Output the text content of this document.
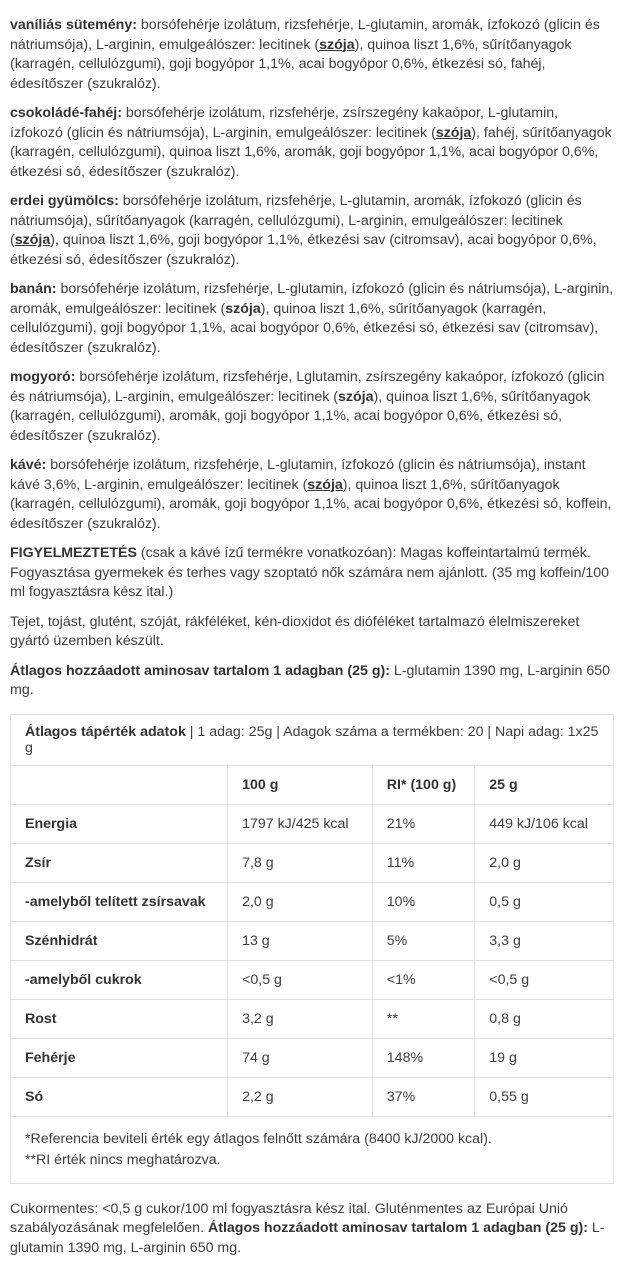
vaníliás sütemény: borsófehérje izolátum, rizsfehérje, L-glutamin, aromák, ízfokozó (glicin és nátriumsója), L-arginin, emulgeálószer: lecitinek (szója), quinoa liszt 1,6%, sűrítőanyagok (karragén, cellulózgumi), goji bogyópor 1,1%, acai bogyópor 0,6%, étkezési só, fahéj, édesítőszer (szukralóz).

csokoládé-fahéj: borsófehérje izolátum, rizsfehérje, zsírszegény kakaópor, L-glutamin, ízfokozó (glicin és nátriumsója), L-arginin, emulgeálószer: lecitinek (szója), fahéj, sűrítőanyagok (karragén, cellulózgumi), quinoa liszt 1,6%, aromák, goji bogyópor 1,1%, acai bogyópor 0,6%, étkezési só, édesítőszer (szukralóz).

erdei gyümölcs: borsófehérje izolátum, rizsfehérje, L-glutamin, aromák, ízfokozó (glicin és nátriumsója), sűrítőanyagok (karragén, cellulózgumi), L-arginin, emulgeálószer: lecitinek (szója), quinoa liszt 1,6%, goji bogyópor 1,1%, étkezési sav (citromsav), acai bogyópor 0,6%, étkezési só, édesítőszer (szukralóz).

banán: borsófehérje izolátum, rizsfehérje, L-glutamin, ízfokozó (glicin és nátriumsója), L-arginin, aromák, emulgeálószer: lecitinek (szója), quinoa liszt 1,6%, sűrítőanyagok (karragén, cellulózgumi), goji bogyópor 1,1%, acai bogyópor 0,6%, étkezési só, étkezési sav (citromsav), édesítőszer (szukralóz).

mogyoró: borsófehérje izolátum, rizsfehérje, Lglutamin, zsírszegény kakaópor, ízfokozó (glicin és nátriumsója), L-arginin, emulgeálószer: lecitinek (szója), quinoa liszt 1,6%, sűrítőanyagok (karragén, cellulózgumi), aromák, goji bogyópor 1,1%, acai bogyópor 0,6%, étkezési só, édesítőszer (szukralóz).

kávé: borsófehérje izolátum, rizsfehérje, L-glutamin, ízfokozó (glicin és nátriumsója), instant kávé 3,6%, L-arginin, emulgeálószer: lecitinek (szója), quinoa liszt 1,6%, sűrítőanyagok (karragén, cellulózgumi), aromák, goji bogyópor 1,1%, acai bogyópor 0,6%, étkezési só, koffein, édesítőszer (szukralóz).

FIGYELMEZTETÉS (csak a kávé ízű termékre vonatkozóan): Magas koffeintartalmú termék. Fogyasztása gyermekek és terhes vagy szoptató nők számára nem ajánlott. (35 mg koffein/100 ml fogyasztásra kész ital.)

Tejet, tojást, glutént, szóját, rákféléket, kén-dioxidot és dióféléket tartalmazó élelmiszereket gyártó üzemben készült.

Átlagos hozzáadott aminosav tartalom 1 adagban (25 g): L-glutamin 1390 mg, L-arginin 650 mg.

Átlagos tápérték adatok | 1 adag: 25g | Adagok száma a termékben: 20 | Napi adag: 1x25 g			
	100 g	RI* (100 g)	25 g
Energia	1797 kJ/425 kcal	21%	449 kJ/106 kcal
Zsír	7,8 g	11%	2,0 g
-amelyből telített zsírsavak	2,0 g	10%	0,5 g
Szénhidrát	13 g	5%	3,3 g
-amelyből cukrok	<0,5 g	<1%	<0,5 g
Rost	3,2 g	**	0,8 g
Fehérje	74 g	148%	19 g
Só	2,2 g	37%	0,55 g

*Referencia beviteli érték egy átlagos felnőtt számára (8400 kJ/2000 kcal).
**RI érték nincs meghatározva.			

Cukormentes: <0,5 g cukor/100 ml fogyasztásra kész ital. Gluténmentes az Európai Unió szabályozásának megfelelően. Átlagos hozzáadott aminosav tartalom 1 adagban (25 g): L-glutamin 1390 mg, L-arginin 650 mg.
